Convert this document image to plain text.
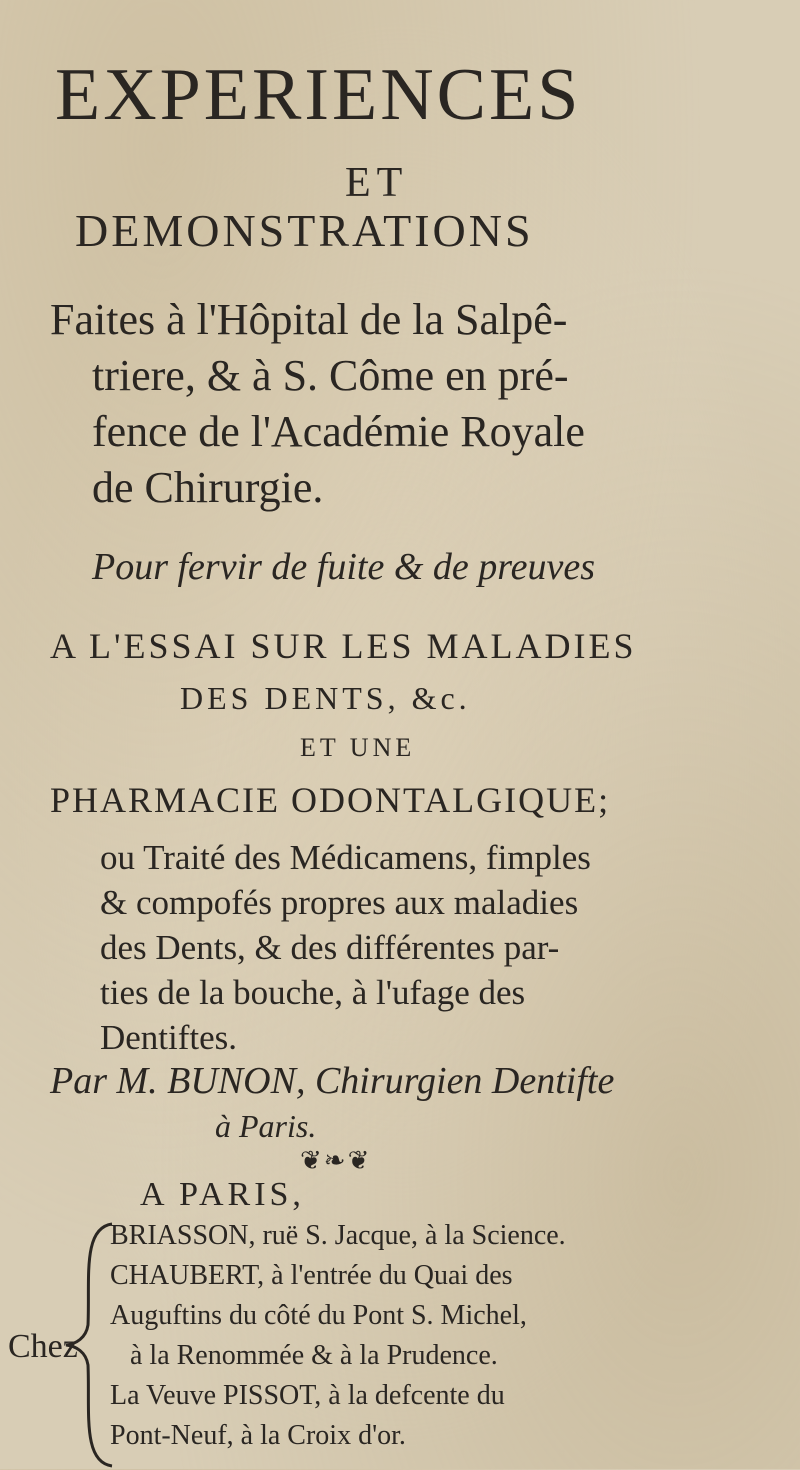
EXPERIENCES
ET
DEMONSTRATIONS
Faites à l'Hôpital de la Salpê-
triere, & à S. Côme en pré-
fence de l'Académie Royale
de Chirurgie.
Pour fervir de fuite & de preuves
A L'ESSAI SUR LES MALADIES
DES DENTS, &c.
ET UNE
PHARMACIE ODONTALGIQUE;
ou Traité des Médicamens, fimples
& compofés propres aux maladies
des Dents, & des différentes par-
ties de la bouche, à l'ufage des
Dentiftes.
Par M. BUNON, Chirurgien Dentifte
à Paris.
❦❧❦
A PARIS,
Chez
BRIASSON, ruë S. Jacque, à la Science.
CHAUBERT, à l'entrée du Quai des
Auguftins du côté du Pont S. Michel,
à la Renommée & à la Prudence.
La Veuve PISSOT, à la defcente du
Pont-Neuf, à la Croix d'or.
